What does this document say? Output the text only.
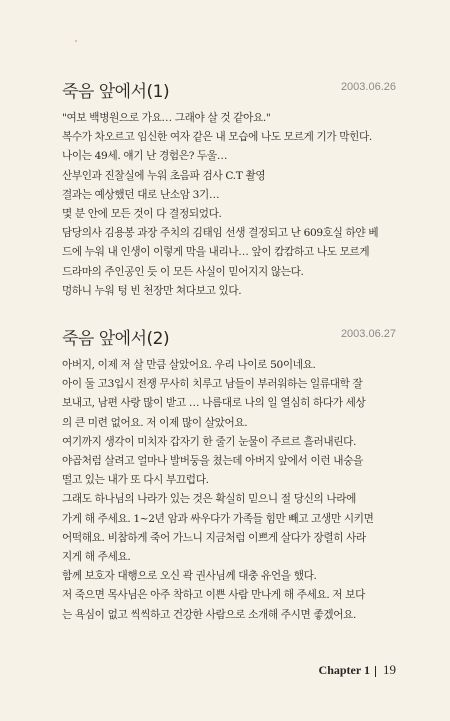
죽음 앞에서(1)	2003.06.26
"여보 백병원으로 가요… 그래야 살 것 같아요."
복수가 차오르고 임신한 여자 같은 내 모습에 나도 모르게 기가 막힌다.
나이는 49세. 얘기 난 경험은? 두울…
산부인과 진찰실에 누워 초음파 검사 C.T 촬영
결과는 예상했던 대로 난소암 3기…
몇 분 안에 모든 것이 다 결정되었다.
담당의사 김용봉 과장 주치의 김태임 선생 결정되고 난 609호실 하얀 베
드에 누워 내 인생이 이렇게 막을 내리나… 앞이 캄캄하고 나도 모르게
드라마의 주인공인 듯 이 모든 사실이 믿어지지 않는다.
멍하니 누워 텅 빈 천장만 쳐다보고 있다.
죽음 앞에서(2)	2003.06.27
아버지, 이제 저 살 만큼 살았어요. 우리 나이로 50이네요.
아이 둘 고3입시 전쟁 무사히 치루고 남들이 부러워하는 일류대학 잘
보내고, 남편 사랑 많이 받고 … 나름대로 나의 일 열심히 하다가 세상
의 큰 미련 없어요. 저 이제 많이 살았어요.
여기까지 생각이 미치자 갑자기 한 줄기 눈물이 주르르 흘러내린다.
야곱처럼 살려고 얼마나 발버둥을 쳤는데 아버지 앞에서 이런 내숭을
떨고 있는 내가 또 다시 부끄럽다.
그래도 하나님의 나라가 있는 것은 확실히 믿으니 절 당신의 나라에
가게 해 주세요. 1~2년 암과 싸우다가 가족들 힘만 빼고 고생만 시키면
어떡해요. 비참하게 죽어 가느니 지금처럼 이쁘게 살다가 장렬히 사라
지게 해 주세요.
함께 보호자 대행으로 오신 곽 권사님께 대충 유언을 했다.
저 죽으면 목사님은 아주 착하고 이쁜 사람 만나게 해 주세요. 저 보다
는 욕심이 없고 씩씩하고 건강한 사람으로 소개해 주시면 좋겠어요.
Chapter 1 19
